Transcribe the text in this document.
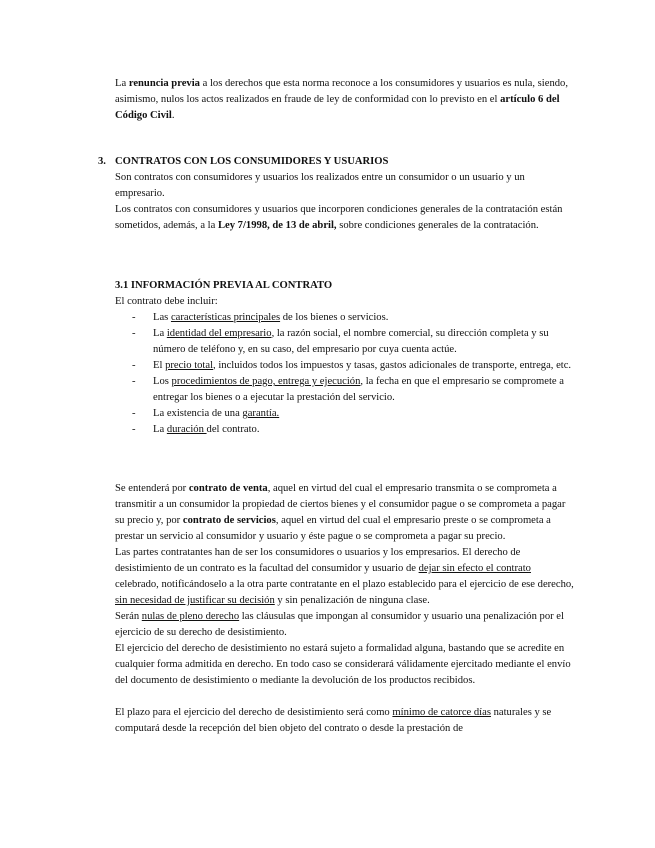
La renuncia previa a los derechos que esta norma reconoce a los consumidores y usuarios es nula, siendo, asimismo, nulos los actos realizados en fraude de ley de conformidad con lo previsto en el artículo 6 del Código Civil.

3. CONTRATOS CON LOS CONSUMIDORES Y USUARIOS

Son contratos con consumidores y usuarios los realizados entre un consumidor o un usuario y un empresario.

Los contratos con consumidores y usuarios que incorporen condiciones generales de la contratación están sometidos, además, a la Ley 7/1998, de 13 de abril, sobre condiciones generales de la contratación.

3.1 INFORMACIÓN PREVIA AL CONTRATO

El contrato debe incluir:

- Las características principales de los bienes o servicios.
- La identidad del empresario, la razón social, el nombre comercial, su dirección completa y su número de teléfono y, en su caso, del empresario por cuya cuenta actúe.
- El precio total, incluidos todos los impuestos y tasas, gastos adicionales de transporte, entrega, etc.
- Los procedimientos de pago, entrega y ejecución, la fecha en que el empresario se compromete a entregar los bienes o a ejecutar la prestación del servicio.
- La existencia de una garantía.
- La duración del contrato.

Se entenderá por contrato de venta, aquel en virtud del cual el empresario transmita o se comprometa a transmitir a un consumidor la propiedad de ciertos bienes y el consumidor pague o se comprometa a pagar su precio y, por contrato de servicios, aquel en virtud del cual el empresario preste o se comprometa a prestar un servicio al consumidor y usuario y éste pague o se comprometa a pagar su precio.

Las partes contratantes han de ser los consumidores o usuarios y los empresarios. El derecho de desistimiento de un contrato es la facultad del consumidor y usuario de dejar sin efecto el contrato celebrado, notificándoselo a la otra parte contratante en el plazo establecido para el ejercicio de ese derecho, sin necesidad de justificar su decisión y sin penalización de ninguna clase.

Serán nulas de pleno derecho las cláusulas que impongan al consumidor y usuario una penalización por el ejercicio de su derecho de desistimiento.

El ejercicio del derecho de desistimiento no estará sujeto a formalidad alguna, bastando que se acredite en cualquier forma admitida en derecho. En todo caso se considerará válidamente ejercitado mediante el envío del documento de desistimiento o mediante la devolución de los productos recibidos.

El plazo para el ejercicio del derecho de desistimiento será como mínimo de catorce días naturales y se computará desde la recepción del bien objeto del contrato o desde la prestación de
